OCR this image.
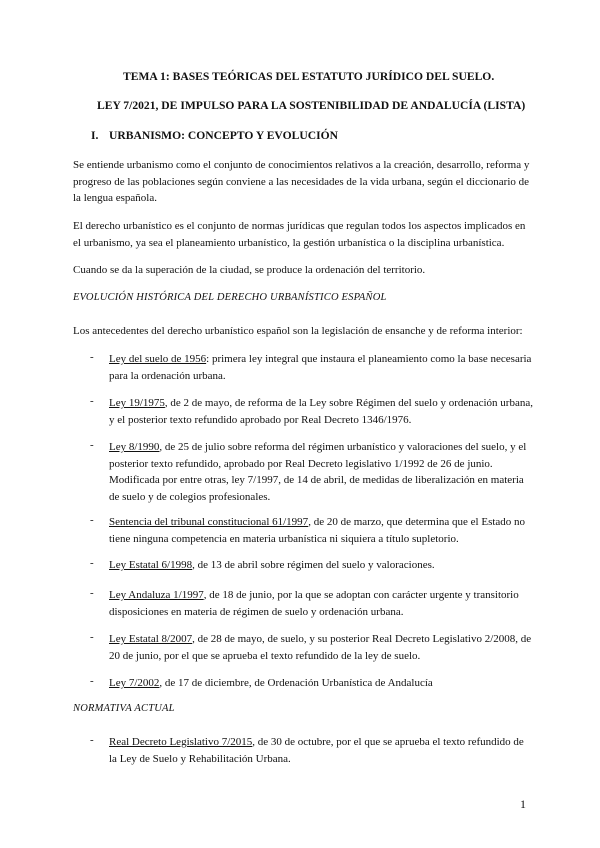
TEMA 1: BASES TEÓRICAS DEL ESTATUTO JURÍDICO DEL SUELO.
LEY 7/2021, DE IMPULSO PARA LA SOSTENIBILIDAD DE ANDALUCÍA (LISTA)
I. URBANISMO: CONCEPTO Y EVOLUCIÓN
Se entiende urbanismo como el conjunto de conocimientos relativos a la creación, desarrollo, reforma y progreso de las poblaciones según conviene a las necesidades de la vida urbana, según el diccionario de la lengua española.
El derecho urbanístico es el conjunto de normas jurídicas que regulan todos los aspectos implicados en el urbanismo, ya sea el planeamiento urbanístico, la gestión urbanística o la disciplina urbanística.
Cuando se da la superación de la ciudad, se produce la ordenación del territorio.
EVOLUCIÓN HISTÓRICA DEL DERECHO URBANÍSTICO ESPAÑOL
Los antecedentes del derecho urbanístico español son la legislación de ensanche y de reforma interior:
- Ley del suelo de 1956: primera ley integral que instaura el planeamiento como la base necesaria para la ordenación urbana.
- Ley 19/1975, de 2 de mayo, de reforma de la Ley sobre Régimen del suelo y ordenación urbana, y el posterior texto refundido aprobado por Real Decreto 1346/1976.
- Ley 8/1990, de 25 de julio sobre reforma del régimen urbanístico y valoraciones del suelo, y el posterior texto refundido, aprobado por Real Decreto legislativo 1/1992 de 26 de junio. Modificada por entre otras, ley 7/1997, de 14 de abril, de medidas de liberalización en materia de suelo y de colegios profesionales.
- Sentencia del tribunal constitucional 61/1997, de 20 de marzo, que determina que el Estado no tiene ninguna competencia en materia urbanística ni siquiera a título supletorio.
- Ley Estatal 6/1998, de 13 de abril sobre régimen del suelo y valoraciones.
- Ley Andaluza 1/1997, de 18 de junio, por la que se adoptan con carácter urgente y transitorio disposiciones en materia de régimen de suelo y ordenación urbana.
- Ley Estatal 8/2007, de 28 de mayo, de suelo, y su posterior Real Decreto Legislativo 2/2008, de 20 de junio, por el que se aprueba el texto refundido de la ley de suelo.
- Ley 7/2002, de 17 de diciembre, de Ordenación Urbanística de Andalucía
NORMATIVA ACTUAL
- Real Decreto Legislativo 7/2015, de 30 de octubre, por el que se aprueba el texto refundido de la Ley de Suelo y Rehabilitación Urbana.
1
